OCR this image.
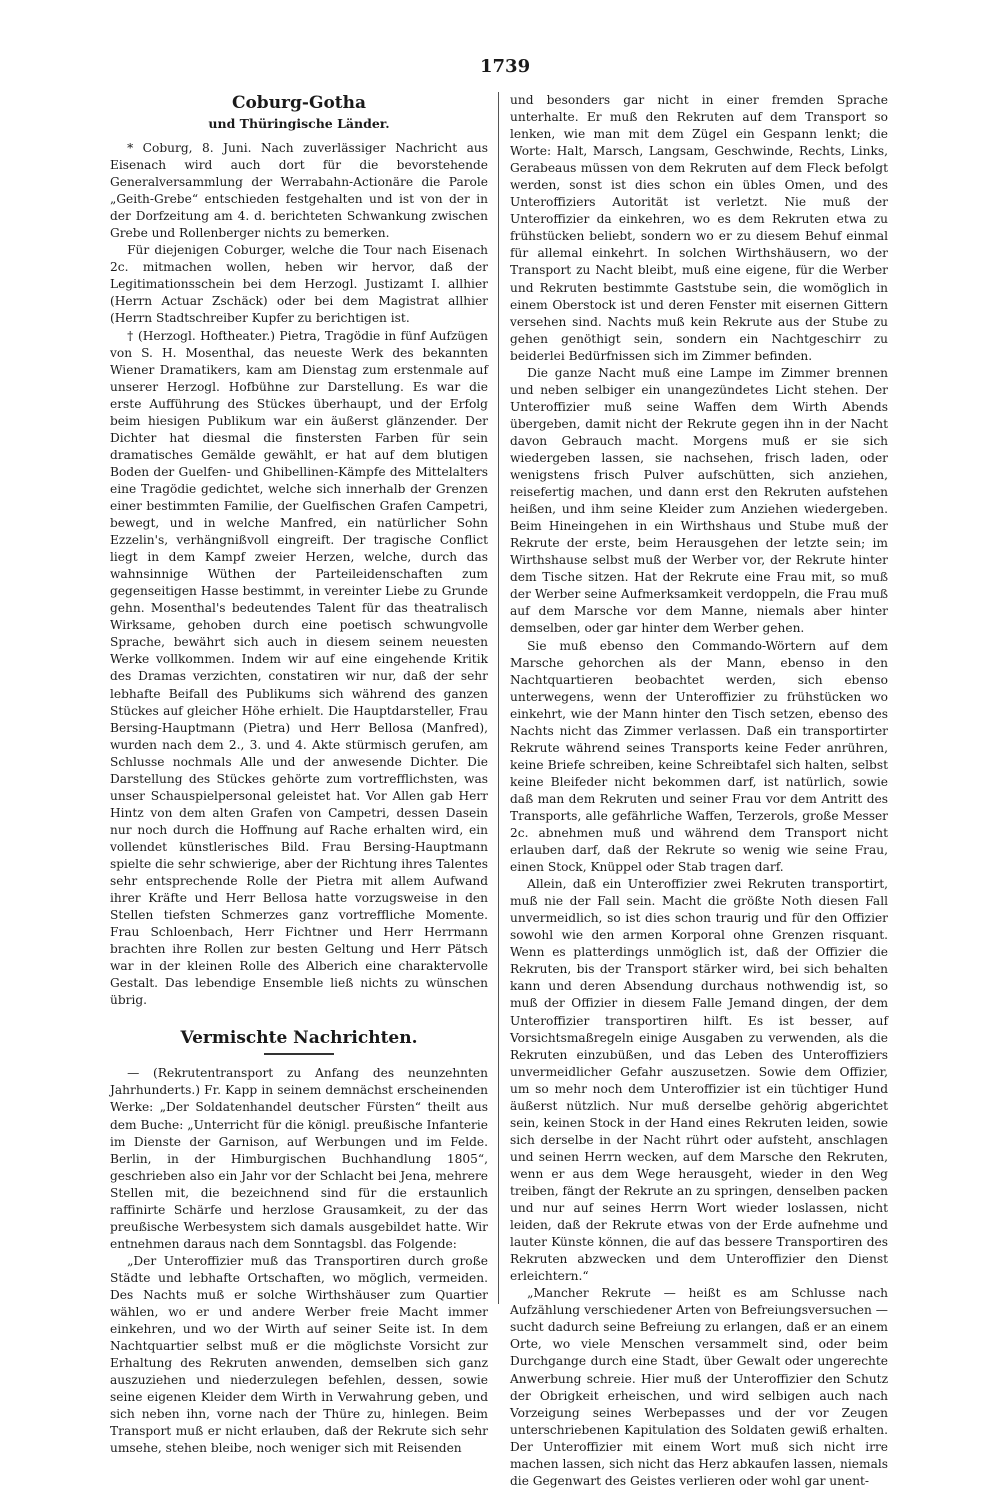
1739
Coburg-Gotha
und Thüringische Länder.

* Coburg, 8. Juni. Nach zuverlässiger Nachricht aus Eisenach wird auch dort für die bevorstehende Generalversammlung der Werrabahn-Actionäre die Parole „Geith-Grebe“ entschieden festgehalten und ist von der in der Dorfzeitung am 4. d. berichteten Schwankung zwischen Grebe und Rollenberger nichts zu bemerken.

Für diejenigen Coburger, welche die Tour nach Eisenach 2c. mitmachen wollen, heben wir hervor, daß der Legitimationsschein bei dem Herzogl. Justizamt I. allhier (Herrn Actuar Zschäck) oder bei dem Magistrat allhier (Herrn Stadtschreiber Kupfer zu berichtigen ist.

† (Herzogl. Hoftheater.) Pietra, Tragödie in fünf Aufzügen von S. H. Mosenthal, das neueste Werk des bekannten Wiener Dramatikers, kam am Dienstag zum erstenmale auf unserer Herzogl. Hofbühne zur Darstellung. Es war die erste Aufführung des Stückes überhaupt, und der Erfolg beim hiesigen Publikum war ein äußerst glänzender. Der Dichter hat diesmal die finstersten Farben für sein dramatisches Gemälde gewählt, er hat auf dem blutigen Boden der Guelfen- und Ghibellinen-Kämpfe des Mittelalters eine Tragödie gedichtet, welche sich innerhalb der Grenzen einer bestimmten Familie, der Guelfischen Grafen Campetri, bewegt, und in welche Manfred, ein natürlicher Sohn Ezzelin's, verhängnißvoll eingreift. Der tragische Conflict liegt in dem Kampf zweier Herzen, welche, durch das wahnsinnige Wüthen der Parteileidenschaften zum gegenseitigen Hasse bestimmt, in vereinter Liebe zu Grunde gehn. Mosenthal's bedeutendes Talent für das theatralisch Wirksame, gehoben durch eine poetisch schwungvolle Sprache, bewährt sich auch in diesem seinem neuesten Werke vollkommen. Indem wir auf eine eingehende Kritik des Dramas verzichten, constatiren wir nur, daß der sehr lebhafte Beifall des Publikums sich während des ganzen Stückes auf gleicher Höhe erhielt. Die Hauptdarsteller, Frau Bersing-Hauptmann (Pietra) und Herr Bellosa (Manfred), wurden nach dem 2., 3. und 4. Akte stürmisch gerufen, am Schlusse nochmals Alle und der anwesende Dichter. Die Darstellung des Stückes gehörte zum vortrefflichsten, was unser Schauspielpersonal geleistet hat. Vor Allen gab Herr Hintz von dem alten Grafen von Campetri, dessen Dasein nur noch durch die Hoffnung auf Rache erhalten wird, ein vollendet künstlerisches Bild. Frau Bersing-Hauptmann spielte die sehr schwierige, aber der Richtung ihres Talentes sehr entsprechende Rolle der Pietra mit allem Aufwand ihrer Kräfte und Herr Bellosa hatte vorzugsweise in den Stellen tiefsten Schmerzes ganz vortreffliche Momente. Frau Schloenbach, Herr Fichtner und Herr Herrmann brachten ihre Rollen zur besten Geltung und Herr Pätsch war in der kleinen Rolle des Alberich eine charaktervolle Gestalt. Das lebendige Ensemble ließ nichts zu wünschen übrig.

Vermischte Nachrichten.

— (Rekrutentransport zu Anfang des neunzehnten Jahrhunderts.) Fr. Kapp in seinem demnächst erscheinenden Werke: „Der Soldatenhandel deutscher Fürsten“ theilt aus dem Buche: „Unterricht für die königl. preußische Infanterie im Dienste der Garnison, auf Werbungen und im Felde. Berlin, in der Himburgischen Buchhandlung 1805“, geschrieben also ein Jahr vor der Schlacht bei Jena, mehrere Stellen mit, die bezeichnend sind für die erstaunlich raffinirte Schärfe und herzlose Grausamkeit, zu der das preußische Werbesystem sich damals ausgebildet hatte. Wir entnehmen daraus nach dem Sonntagsbl. das Folgende:

„Der Unteroffizier muß das Transportiren durch große Städte und lebhafte Ortschaften, wo möglich, vermeiden. Des Nachts muß er solche Wirthshäuser zum Quartier wählen, wo er und andere Werber freie Macht immer einkehren, und wo der Wirth auf seiner Seite ist. In dem Nachtquartier selbst muß er die möglichste Vorsicht zur Erhaltung des Rekruten anwenden, demselben sich ganz auszuziehen und niederzulegen befehlen, dessen, sowie seine eigenen Kleider dem Wirth in Verwahrung geben, und sich neben ihn, vorne nach der Thüre zu, hinlegen. Beim Transport muß er nicht erlauben, daß der Rekrute sich sehr umsehe, stehen bleibe, noch weniger sich mit Reisenden

und besonders gar nicht in einer fremden Sprache unterhalte. Er muß den Rekruten auf dem Transport so lenken, wie man mit dem Zügel ein Gespann lenkt; die Worte: Halt, Marsch, Langsam, Geschwinde, Rechts, Links, Gerabeaus müssen von dem Rekruten auf dem Fleck befolgt werden, sonst ist dies schon ein übles Omen, und des Unteroffiziers Autorität ist verletzt. Nie muß der Unteroffizier da einkehren, wo es dem Rekruten etwa zu frühstücken beliebt, sondern wo er zu diesem Behuf einmal für allemal einkehrt. In solchen Wirthshäusern, wo der Transport zu Nacht bleibt, muß eine eigene, für die Werber und Rekruten bestimmte Gaststube sein, die womöglich in einem Oberstock ist und deren Fenster mit eisernen Gittern versehen sind. Nachts muß kein Rekrute aus der Stube zu gehen genöthigt sein, sondern ein Nachtgeschirr zu beiderlei Bedürfnissen sich im Zimmer befinden.

Die ganze Nacht muß eine Lampe im Zimmer brennen und neben selbiger ein unangezündetes Licht stehen. Der Unteroffizier muß seine Waffen dem Wirth Abends übergeben, damit nicht der Rekrute gegen ihn in der Nacht davon Gebrauch macht. Morgens muß er sie sich wiedergeben lassen, sie nachsehen, frisch laden, oder wenigstens frisch Pulver aufschütten, sich anziehen, reisefertig machen, und dann erst den Rekruten aufstehen heißen, und ihm seine Kleider zum Anziehen wiedergeben. Beim Hineingehen in ein Wirthshaus und Stube muß der Rekrute der erste, beim Herausgehen der letzte sein; im Wirthshause selbst muß der Werber vor, der Rekrute hinter dem Tische sitzen. Hat der Rekrute eine Frau mit, so muß der Werber seine Aufmerksamkeit verdoppeln, die Frau muß auf dem Marsche vor dem Manne, niemals aber hinter demselben, oder gar hinter dem Werber gehen.

Sie muß ebenso den Commando-Wörtern auf dem Marsche gehorchen als der Mann, ebenso in den Nachtquartieren beobachtet werden, sich ebenso unterwegens, wenn der Unteroffizier zu frühstücken wo einkehrt, wie der Mann hinter den Tisch setzen, ebenso des Nachts nicht das Zimmer verlassen. Daß ein transportirter Rekrute während seines Transports keine Feder anrühren, keine Briefe schreiben, keine Schreibtafel sich halten, selbst keine Bleifeder nicht bekommen darf, ist natürlich, sowie daß man dem Rekruten und seiner Frau vor dem Antritt des Transports, alle gefährliche Waffen, Terzerols, große Messer 2c. abnehmen muß und während dem Transport nicht erlauben darf, daß der Rekrute so wenig wie seine Frau, einen Stock, Knüppel oder Stab tragen darf.

Allein, daß ein Unteroffizier zwei Rekruten transportirt, muß nie der Fall sein. Macht die größte Noth diesen Fall unvermeidlich, so ist dies schon traurig und für den Offizier sowohl wie den armen Korporal ohne Grenzen risquant. Wenn es platterdings unmöglich ist, daß der Offizier die Rekruten, bis der Transport stärker wird, bei sich behalten kann und deren Absendung durchaus nothwendig ist, so muß der Offizier in diesem Falle Jemand dingen, der dem Unteroffizier transportiren hilft. Es ist besser, auf Vorsichtsmaßregeln einige Ausgaben zu verwenden, als die Rekruten einzubüßen, und das Leben des Unteroffiziers unvermeidlicher Gefahr auszusetzen. Sowie dem Offizier, um so mehr noch dem Unteroffizier ist ein tüchtiger Hund äußerst nützlich. Nur muß derselbe gehörig abgerichtet sein, keinen Stock in der Hand eines Rekruten leiden, sowie sich derselbe in der Nacht rührt oder aufsteht, anschlagen und seinen Herrn wecken, auf dem Marsche den Rekruten, wenn er aus dem Wege herausgeht, wieder in den Weg treiben, fängt der Rekrute an zu springen, denselben packen und nur auf seines Herrn Wort wieder loslassen, nicht leiden, daß der Rekrute etwas von der Erde aufnehme und lauter Künste können, die auf das bessere Transportiren des Rekruten abzwecken und dem Unteroffizier den Dienst erleichtern.“

„Mancher Rekrute — heißt es am Schlusse nach Aufzählung verschiedener Arten von Befreiungsversuchen — sucht dadurch seine Befreiung zu erlangen, daß er an einem Orte, wo viele Menschen versammelt sind, oder beim Durchgange durch eine Stadt, über Gewalt oder ungerechte Anwerbung schreie. Hier muß der Unteroffizier den Schutz der Obrigkeit erheischen, und wird selbigen auch nach Vorzeigung seines Werbepasses und der vor Zeugen unterschriebenen Kapitulation des Soldaten gewiß erhalten. Der Unteroffizier mit einem Wort muß sich nicht irre machen lassen, sich nicht das Herz abkaufen lassen, niemals die Gegenwart des Geistes verlieren oder wohl gar unent-
